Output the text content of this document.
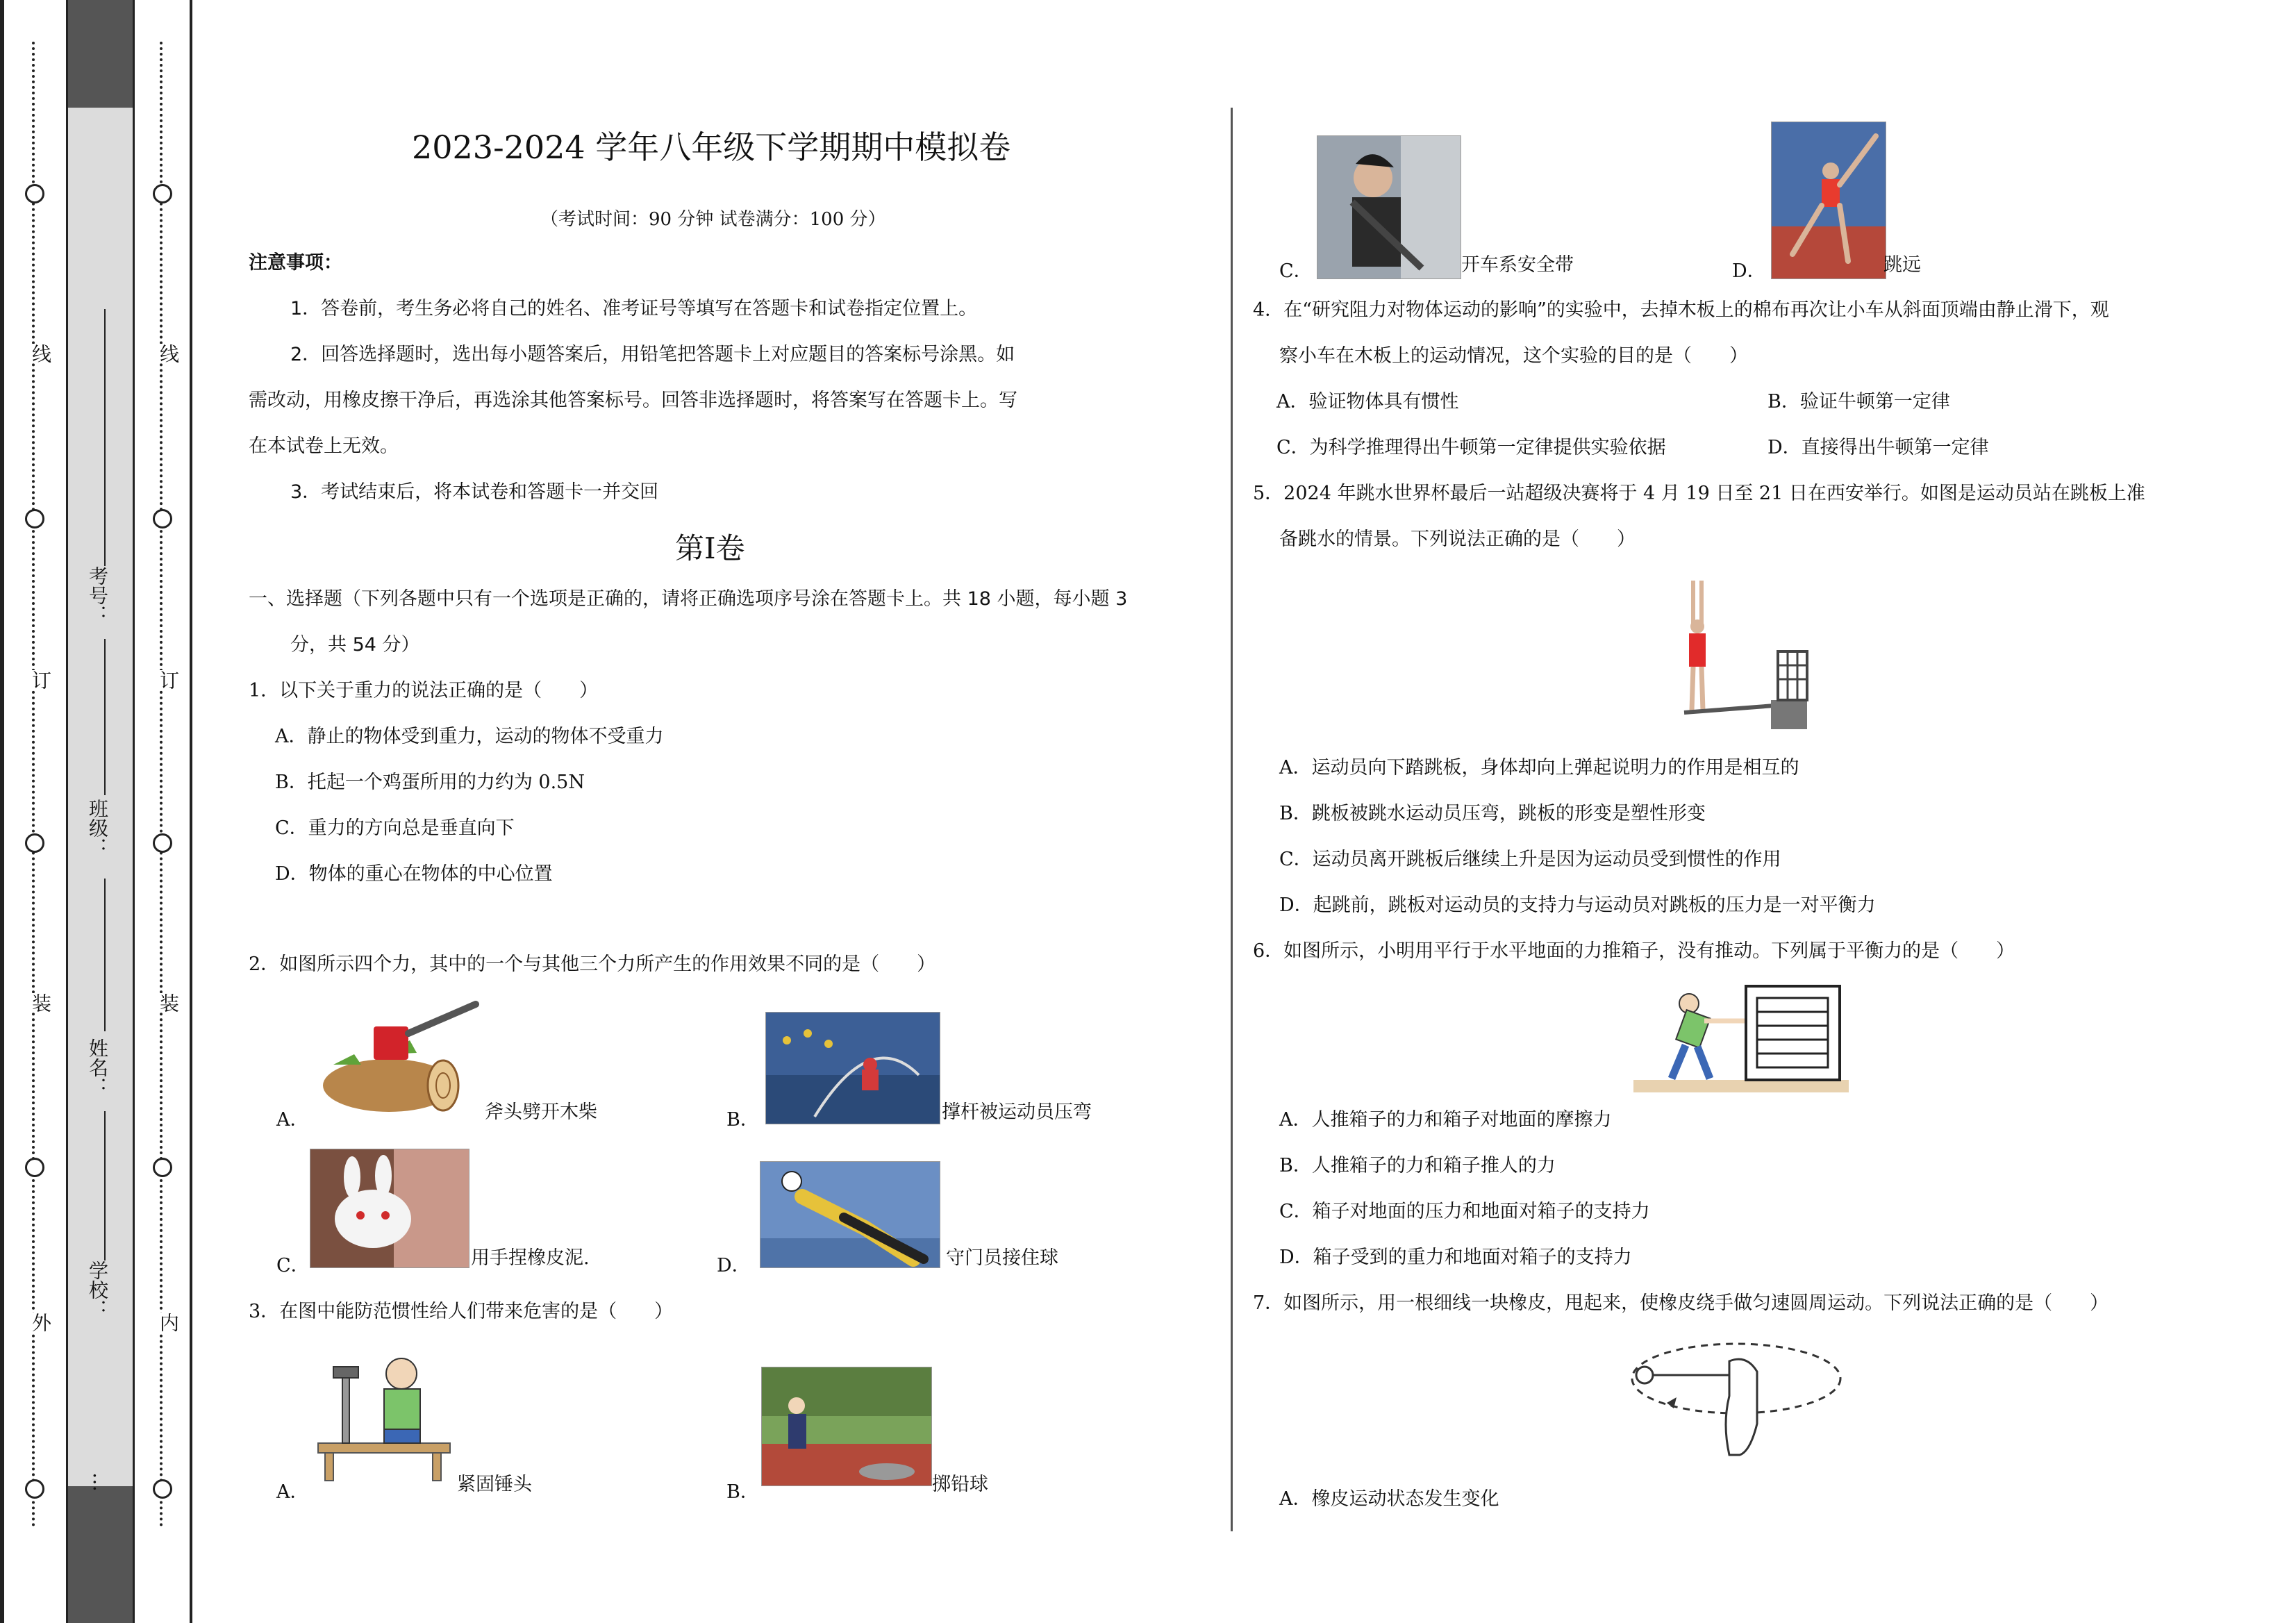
线
订
装
外
考号：
班级：
姓名：
学校：
…
线
订
装
内
2023-2024 学年八年级下学期期中模拟卷
（考试时间：90 分钟 试卷满分：100 分）
注意事项：
1．答卷前，考生务必将自己的姓名、准考证号等填写在答题卡和试卷指定位置上。
2．回答选择题时，选出每小题答案后，用铅笔把答题卡上对应题目的答案标号涂黑。如
需改动，用橡皮擦干净后，再选涂其他答案标号。回答非选择题时，将答案写在答题卡上。写
在本试卷上无效。
3．考试结束后，将本试卷和答题卡一并交回
第Ⅰ卷
一、选择题（下列各题中只有一个选项是正确的，请将正确选项序号涂在答题卡上。共 18 小题，每小题 3
分，共 54 分）
1．以下关于重力的说法正确的是（　　）
A．静止的物体受到重力，运动的物体不受重力
B．托起一个鸡蛋所用的力约为 0.5N
C．重力的方向总是垂直向下
D．物体的重心在物体的中心位置
2．如图所示四个力，其中的一个与其他三个力所产生的作用效果不同的是（　　）
A．	斧头劈开木柴	B．	撑杆被运动员压弯
C．	用手捏橡皮泥.	D．	守门员接住球
3．在图中能防范惯性给人们带来危害的是（　　）
A．	紧固锤头	B．	掷铅球
C．	开车系安全带	D．	跳远
4．在“研究阻力对物体运动的影响”的实验中，去掉木板上的棉布再次让小车从斜面顶端由静止滑下，观
察小车在木板上的运动情况，这个实验的目的是（　　）
A．验证物体具有惯性	B．验证牛顿第一定律
C．为科学推理得出牛顿第一定律提供实验依据	D．直接得出牛顿第一定律
5．2024 年跳水世界杯最后一站超级决赛将于 4 月 19 日至 21 日在西安举行。如图是运动员站在跳板上准
备跳水的情景。下列说法正确的是（　　）
A．运动员向下踏跳板，身体却向上弹起说明力的作用是相互的
B．跳板被跳水运动员压弯，跳板的形变是塑性形变
C．运动员离开跳板后继续上升是因为运动员受到惯性的作用
D．起跳前，跳板对运动员的支持力与运动员对跳板的压力是一对平衡力
6．如图所示，小明用平行于水平地面的力推箱子，没有推动。下列属于平衡力的是（　　）
A．人推箱子的力和箱子对地面的摩擦力
B．人推箱子的力和箱子推人的力
C．箱子对地面的压力和地面对箱子的支持力
D．箱子受到的重力和地面对箱子的支持力
7．如图所示，用一根细线一块橡皮，甩起来，使橡皮绕手做匀速圆周运动。下列说法正确的是（　　）
A．橡皮运动状态发生变化
